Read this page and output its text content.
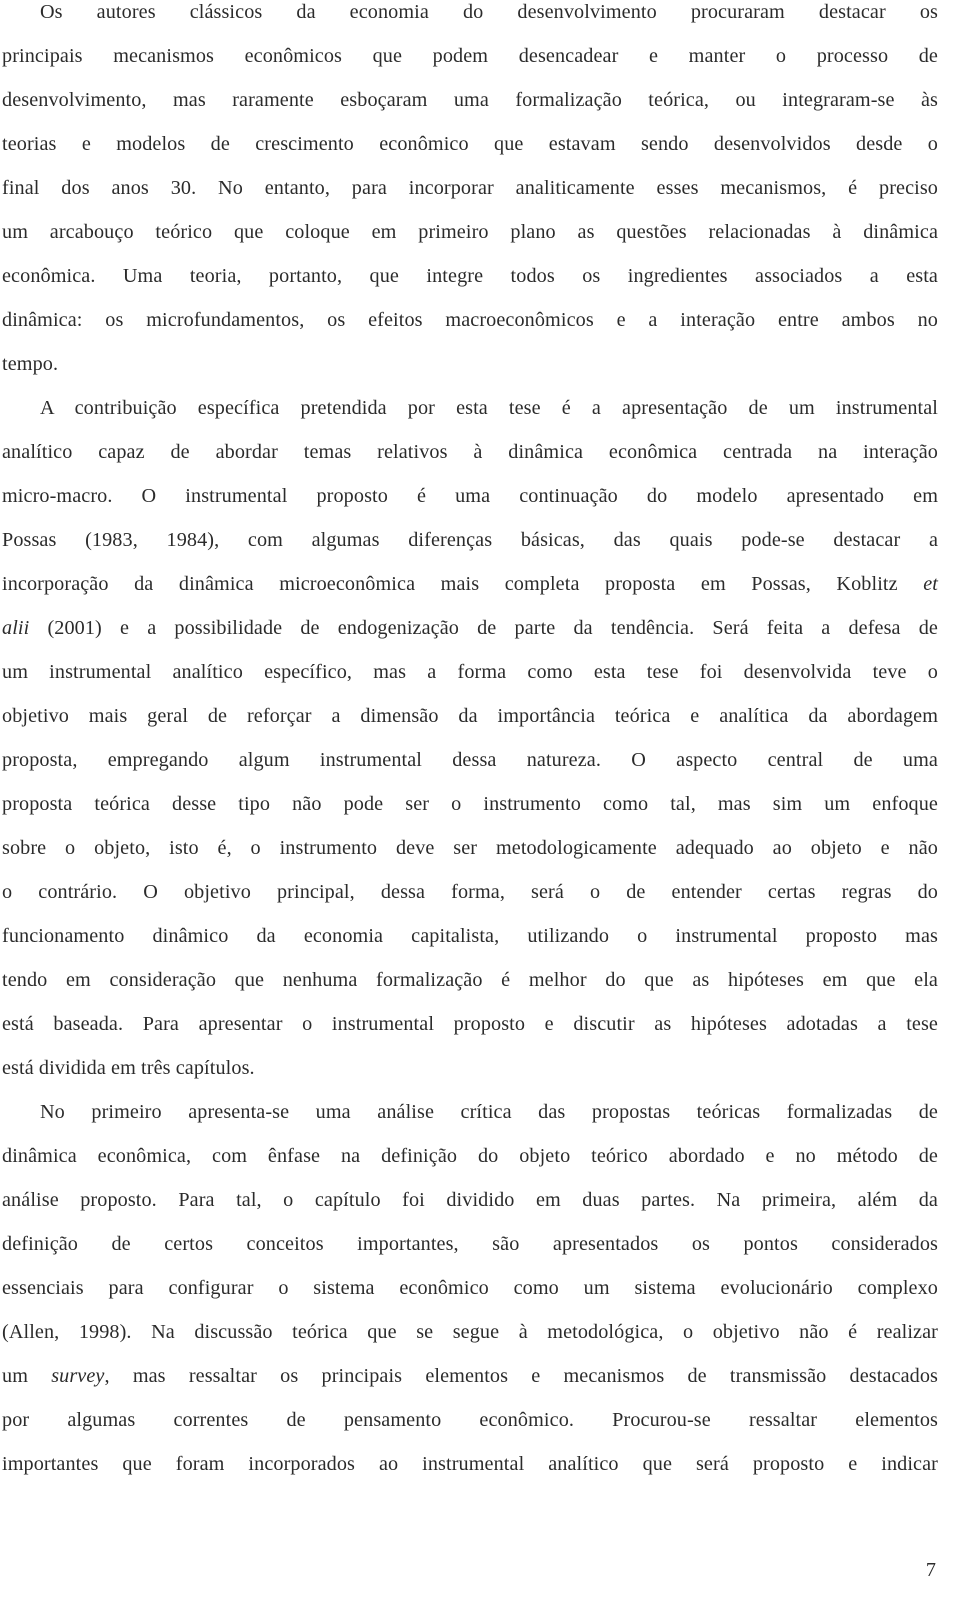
Os autores clássicos da economia do desenvolvimento procuraram destacar os
principais mecanismos econômicos que podem desencadear e manter o processo de
desenvolvimento, mas raramente esboçaram uma formalização teórica, ou integraram-se às
teorias e modelos de crescimento econômico que estavam sendo desenvolvidos desde o
final dos anos 30. No entanto, para incorporar analiticamente esses mecanismos, é preciso
um arcabouço teórico que coloque em primeiro plano as questões relacionadas à dinâmica
econômica. Uma teoria, portanto, que integre todos os ingredientes associados a esta
dinâmica: os microfundamentos, os efeitos macroeconômicos e a interação entre ambos no
tempo.
A contribuição específica pretendida por esta tese é a apresentação de um instrumental
analítico capaz de abordar temas relativos à dinâmica econômica centrada na interação
micro-macro. O instrumental proposto é uma continuação do modelo apresentado em
Possas (1983, 1984), com algumas diferenças básicas, das quais pode-se destacar a
incorporação da dinâmica microeconômica mais completa proposta em Possas, Koblitz et
alii (2001) e a possibilidade de endogenização de parte da tendência. Será feita a defesa de
um instrumental analítico específico, mas a forma como esta tese foi desenvolvida teve o
objetivo mais geral de reforçar a dimensão da importância teórica e analítica da abordagem
proposta, empregando algum instrumental dessa natureza. O aspecto central de uma
proposta teórica desse tipo não pode ser o instrumento como tal, mas sim um enfoque
sobre o objeto, isto é, o instrumento deve ser metodologicamente adequado ao objeto e não
o contrário. O objetivo principal, dessa forma, será o de entender certas regras do
funcionamento dinâmico da economia capitalista, utilizando o instrumental proposto mas
tendo em consideração que nenhuma formalização é melhor do que as hipóteses em que ela
está baseada. Para apresentar o instrumental proposto e discutir as hipóteses adotadas a tese
está dividida em três capítulos.
No primeiro apresenta-se uma análise crítica das propostas teóricas formalizadas de
dinâmica econômica, com ênfase na definição do objeto teórico abordado e no método de
análise proposto. Para tal, o capítulo foi dividido em duas partes. Na primeira, além da
definição de certos conceitos importantes, são apresentados os pontos considerados
essenciais para configurar o sistema econômico como um sistema evolucionário complexo
(Allen, 1998). Na discussão teórica que se segue à metodológica, o objetivo não é realizar
um survey, mas ressaltar os principais elementos e mecanismos de transmissão destacados
por algumas correntes de pensamento econômico. Procurou-se ressaltar elementos
importantes que foram incorporados ao instrumental analítico que será proposto e indicar
7
